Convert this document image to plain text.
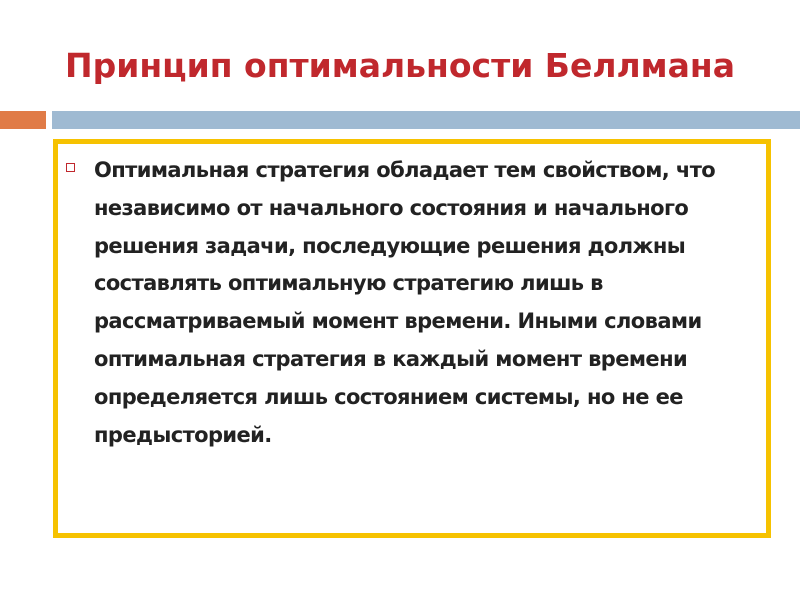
Принцип оптимальности Беллмана
Оптимальная стратегия обладает тем свойством, что независимо от начального состояния и начального решения задачи, последующие решения должны составлять оптимальную стратегию лишь в рассматриваемый момент времени. Иными словами оптимальная стратегия в каждый момент времени определяется лишь состоянием системы, но не ее предысторией.
